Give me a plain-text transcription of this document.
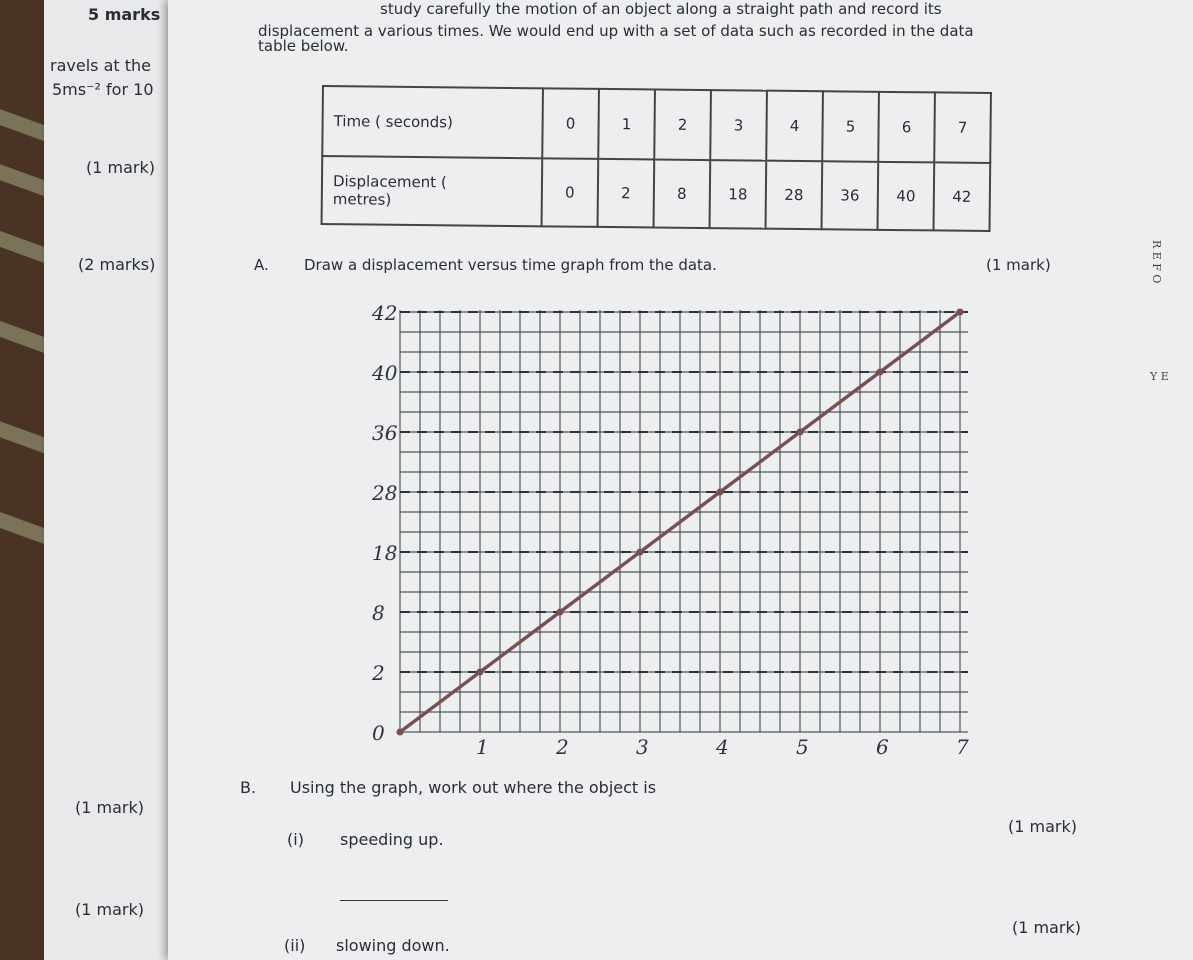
5 marks
ravels at the
5ms⁻² for 10
(1 mark)
(2 marks)
(1 mark)
(1 mark)
study carefully the motion of an object along a straight path and record its
displacement a various times. We would end up with a set of data such as recorded in the data
table below.
Time ( seconds)	0	1	2	3	4	5	6	7
Displacement (
metres)	0	2	8	18	28	36	40	42
A. Draw a displacement versus time graph from the data.	(1 mark)
0
2
8
18
28
36
40
42
1	2	3	4	5	6	7
B. Using the graph, work out where the object is
(i) speeding up.
(1 mark)
(ii) slowing down.
(1 mark)
R E F O
Y E
